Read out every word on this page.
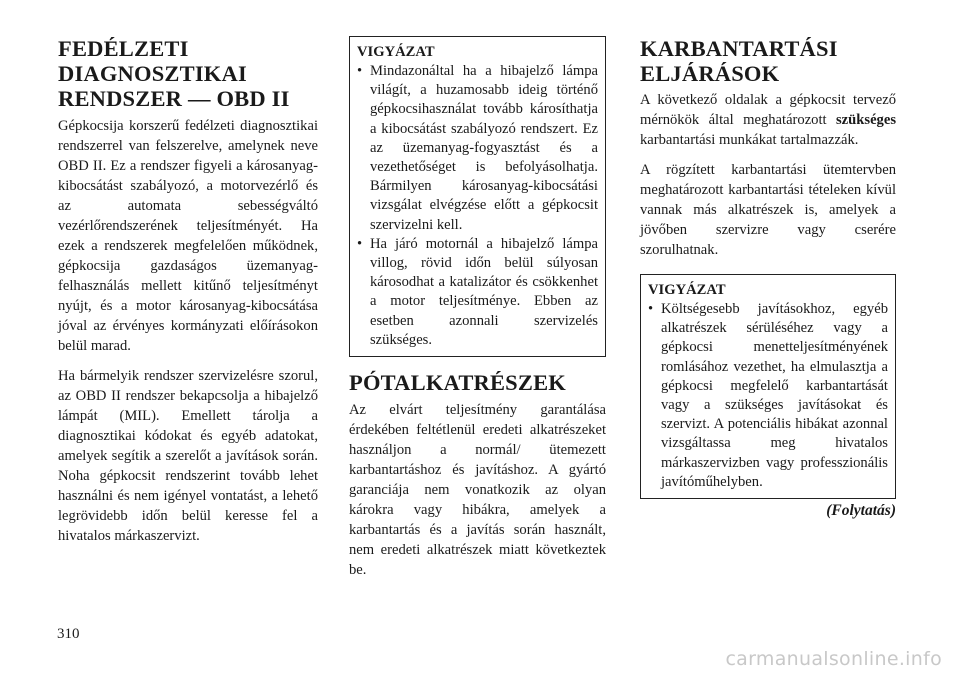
FEDÉLZETI
DIAGNOSZTIKAI
RENDSZER — OBD II

Gépkocsija korszerű fedélzeti diagnosztikai rendszerrel van felszerelve, amelynek neve OBD II. Ez a rendszer figyeli a károsanyag-kibocsátást szabályozó, a motorvezérlő és az automata sebességváltó vezérlőrendszerének teljesítményét. Ha ezek a rendszerek megfelelően működnek, gépkocsija gazdaságos üzemanyag-felhasználás mellett kitűnő teljesítményt nyújt, és a motor károsanyag-kibocsátása jóval az érvényes kormányzati előírásokon belül marad.

Ha bármelyik rendszer szervizelésre szorul, az OBD II rendszer bekapcsolja a hibajelző lámpát (MIL). Emellett tárolja a diagnosztikai kódokat és egyéb adatokat, amelyek segítik a szerelőt a javítások során. Noha gépkocsit rendszerint tovább lehet használni és nem igényel vontatást, a lehető legrövidebb időn belül keresse fel a hivatalos márkaszervizt.

VIGYÁZAT
• Mindazonáltal ha a hibajelző lámpa világít, a huzamosabb ideig történő gépkocsihasználat tovább károsíthatja a kibocsátást szabályozó rendszert. Ez az üzemanyag-fogyasztást és a vezethetőséget is befolyásolhatja. Bármilyen károsanyag-kibocsátási vizsgálat elvégzése előtt a gépkocsit szervizelni kell.
• Ha járó motornál a hibajelző lámpa villog, rövid időn belül súlyosan károsodhat a katalizátor és csökkenhet a motor teljesítménye. Ebben az esetben azonnali szervizelés szükséges.
PÓTALKATRÉSZEK

Az elvárt teljesítmény garantálása érdekében feltétlenül eredeti alkatrészeket használjon a normál/ ütemezett karbantartáshoz és javításhoz. A gyártó garanciája nem vonatkozik az olyan károkra vagy hibákra, amelyek a karbantartás és a javítás során használt, nem eredeti alkatrészek miatt következtek be.

KARBANTARTÁSI
ELJÁRÁSOK

A következő oldalak a gépkocsit tervező mérnökök által meghatározott szükséges karbantartási munkákat tartalmazzák.

A rögzített karbantartási ütemtervben meghatározott karbantartási tételeken kívül vannak más alkatrészek is, amelyek a jövőben szervizre vagy cserére szorulhatnak.

VIGYÁZAT
• Költségesebb javításokhoz, egyéb alkatrészek sérüléséhez vagy a gépkocsi menetteljesítményének romlásához vezethet, ha elmulasztja a gépkocsi megfelelő karbantartását vagy a szükséges javításokat és szervizt. A potenciális hibákat azonnal vizsgáltassa meg hivatalos márkaszervizben vagy professzionális javítóműhelyben.
(Folytatás)
310
carmanualsonline.info
